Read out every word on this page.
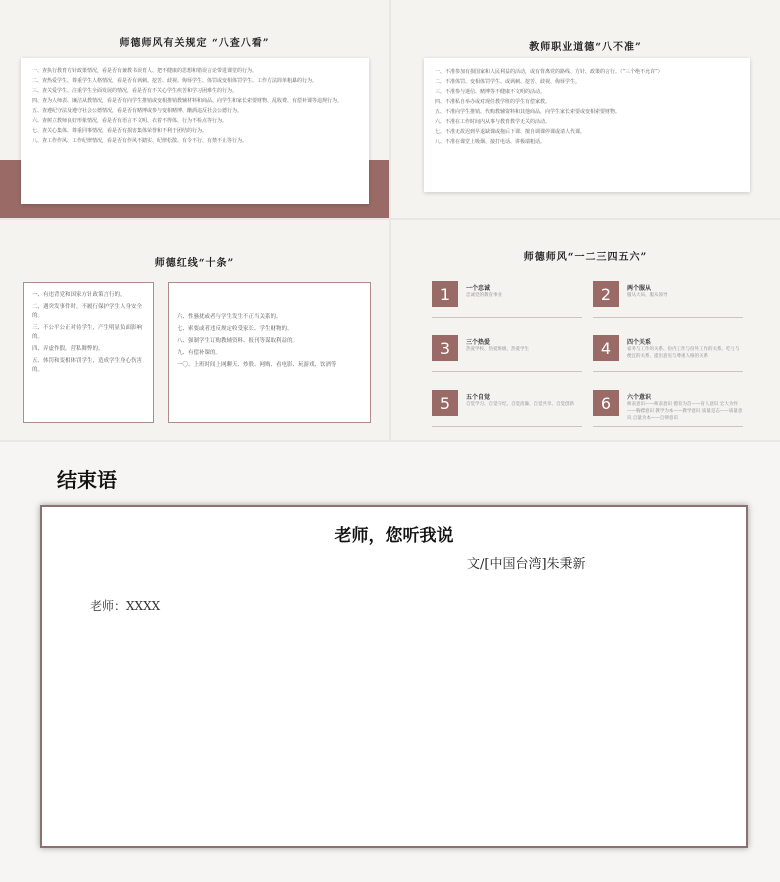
师德师风有关规定 “八查八看”
一、查执行教育方针政策情况，看是否有兼教书误育人、把不健康的思想和错误言论带进课堂的行为。
二、查热爱学生、尊重学生人格情况，看是否有讽刺、挖苦、歧视、侮辱学生、体罚或变相体罚学生、工作方法简单粗暴的行为。
三、查关爱学生、注重学生全面发展的情况，看是否有不关心学生疾苦和学习困难生的行为。
四、查为人师表、廉洁从教情况，看是否有向学生推销或变相推销教辅材料和商品、向学生和家长索要财物、乱收费、有偿补课等违规行为。
五、查遵纪守法及遵守社会公德情况，看是否有赌博或参与变相赌博、酗酒违反社会公德行为。
六、查树立教师良好形象情况，看是否有语言不文明、衣着不得体、行为不检点等行为。
七、查关心集体、尊重同事情况，看是否有损害集体荣誉和不利于团结的行为。
八、查工作作风、工作纪律情况，看是否有作风不踏实、纪律松散、有令不行、有禁不止等行为。
教师职业道德“八不准”
一、不准参加有损国家和人民利益的活动，或有背离党的路线、方针、政策的言行。（“三个绝不允许”）
二、不准体罚、变相体罚学生、或讽刺、挖苦、歧视、侮辱学生。
三、不准参与迷信、赌博等不健康不文明的活动。
四、不准私自举办或对现任教学班的学生有偿家教。
五、不准向学生推销、代购教辅资料和其他商品，向学生家长索要或变相索要财物。
六、不准在工作时间内从事与教育教学无关的活动。
七、不准无故迟到早退缺课或拖后下课、擅自调课停课或请人代课。
八、不准在课堂上吸烟、接打电话、讲极端粗话。
师德红线“十条”
一、有违背党和国家方针政策言行的。
二、遇突发事件时，不履行保护学生人身安全的。
三、不公平公正对待学生，产生明显负面影响的。
四、弄虚作假，营私舞弊的。
五、体罚和变相体罚学生，造成学生身心伤害的。
六、性骚扰或者与学生发生不正当关系的。
七、索要或者违反规定收受家长、学生财物的。
八、强制学生订购教辅资料、报刊等谋取利益的。
九、有偿补课的。
一〇、上班时间上网聊天、炒股、网购、看电影、玩游戏、饮酒等
师德师风“一二三四五六”
1	一个忠诚
忠诚党的教育事业	2	两个服从
服从大局、服从领导
3	三个热爱
热爱学校、热爱班级、热爱学生	4	四个关系
家务与工作的关系、份内工作与份外工作的关系、吃亏与便宜的关系、提出意见与尊重人格的关系
5	五个自觉
自觉学习、自觉守纪、自觉清廉、自觉共享、自觉创新	6	六个意识
师表意识——师表意识 德育为首——育人意识 宏大为怀——胸襟意识 教学为本——教学意识 质量是志——质量意识 自量为本——自律意识
结束语
老师，您听我说
文/[中国台湾]朱秉新
老师：XXXX
